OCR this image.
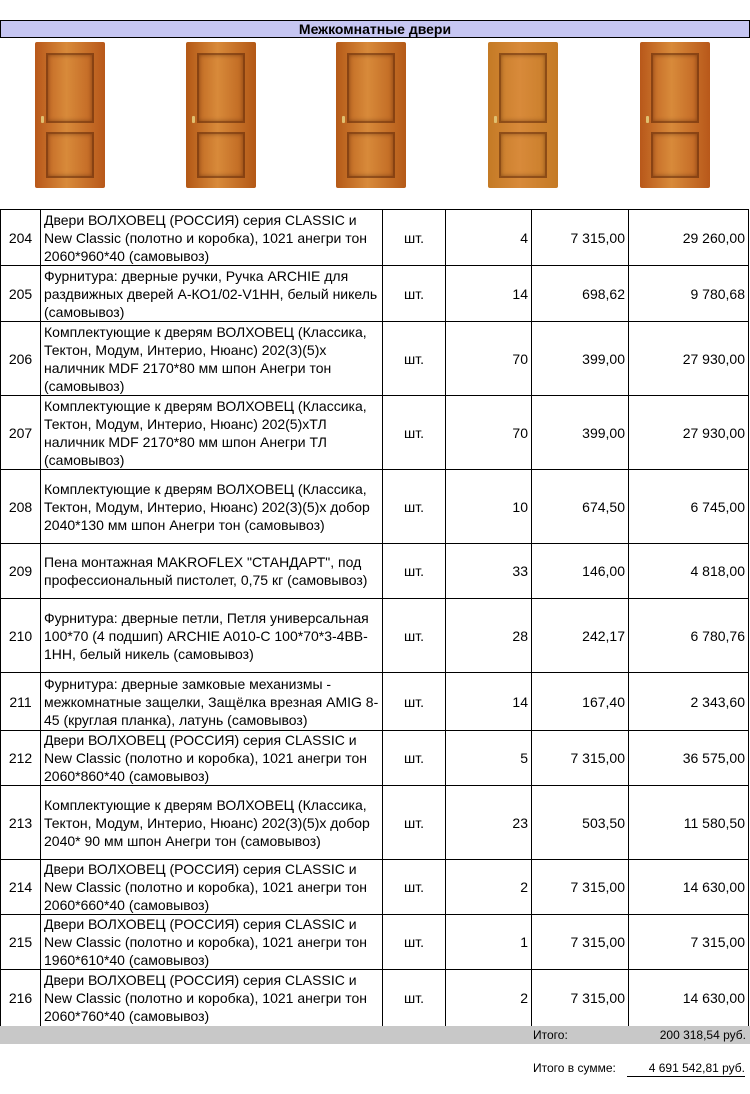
Межкомнатные двери
204	Двери ВОЛХОВЕЦ (РОССИЯ) серия CLASSIC и New Classic (полотно и коробка), 1021 анегри тон 2060*960*40 (самовывоз)	шт.	4	7 315,00	29 260,00
205	Фурнитура: дверные ручки, Ручка ARCHIE для раздвижных дверей А-КО1/02-V1HH, белый никель (самовывоз)	шт.	14	698,62	9 780,68
206	Комплектующие к дверям ВОЛХОВЕЦ (Классика, Тектон, Модум, Интерио, Нюанс) 202(3)(5)х наличник MDF 2170*80 мм шпон Анегри тон (самовывоз)	шт.	70	399,00	27 930,00
207	Комплектующие к дверям ВОЛХОВЕЦ (Классика, Тектон, Модум, Интерио, Нюанс) 202(5)хТЛ наличник MDF 2170*80 мм шпон Анегри ТЛ (самовывоз)	шт.	70	399,00	27 930,00
208	Комплектующие к дверям ВОЛХОВЕЦ (Классика, Тектон, Модум, Интерио, Нюанс) 202(3)(5)х добор 2040*130 мм шпон Анегри тон (самовывоз)	шт.	10	674,50	6 745,00
209	Пена монтажная MAKROFLEX "СТАНДАРТ", под профессиональный пистолет, 0,75 кг (самовывоз)	шт.	33	146,00	4 818,00
210	Фурнитура: дверные петли, Петля универсальная 100*70 (4 подшип) ARCHIE A010-C 100*70*3-4BB-1HH, белый никель (самовывоз)	шт.	28	242,17	6 780,76
211	Фурнитура: дверные замковые механизмы - межкомнатные защелки, Защёлка врезная AMIG 8-45 (круглая планка), латунь (самовывоз)	шт.	14	167,40	2 343,60
212	Двери ВОЛХОВЕЦ (РОССИЯ) серия CLASSIC и New Classic (полотно и коробка), 1021 анегри тон 2060*860*40 (самовывоз)	шт.	5	7 315,00	36 575,00
213	Комплектующие к дверям ВОЛХОВЕЦ (Классика, Тектон, Модум, Интерио, Нюанс) 202(3)(5)х добор 2040* 90 мм шпон Анегри тон (самовывоз)	шт.	23	503,50	11 580,50
214	Двери ВОЛХОВЕЦ (РОССИЯ) серия CLASSIC и New Classic (полотно и коробка), 1021 анегри тон 2060*660*40 (самовывоз)	шт.	2	7 315,00	14 630,00
215	Двери ВОЛХОВЕЦ (РОССИЯ) серия CLASSIC и New Classic (полотно и коробка), 1021 анегри тон 1960*610*40 (самовывоз)	шт.	1	7 315,00	7 315,00
216	Двери ВОЛХОВЕЦ (РОССИЯ) серия CLASSIC и New Classic (полотно и коробка), 1021 анегри тон 2060*760*40 (самовывоз)	шт.	2	7 315,00	14 630,00
Итого:	200 318,54 руб.
Итого в сумме:	4 691 542,81 руб.
